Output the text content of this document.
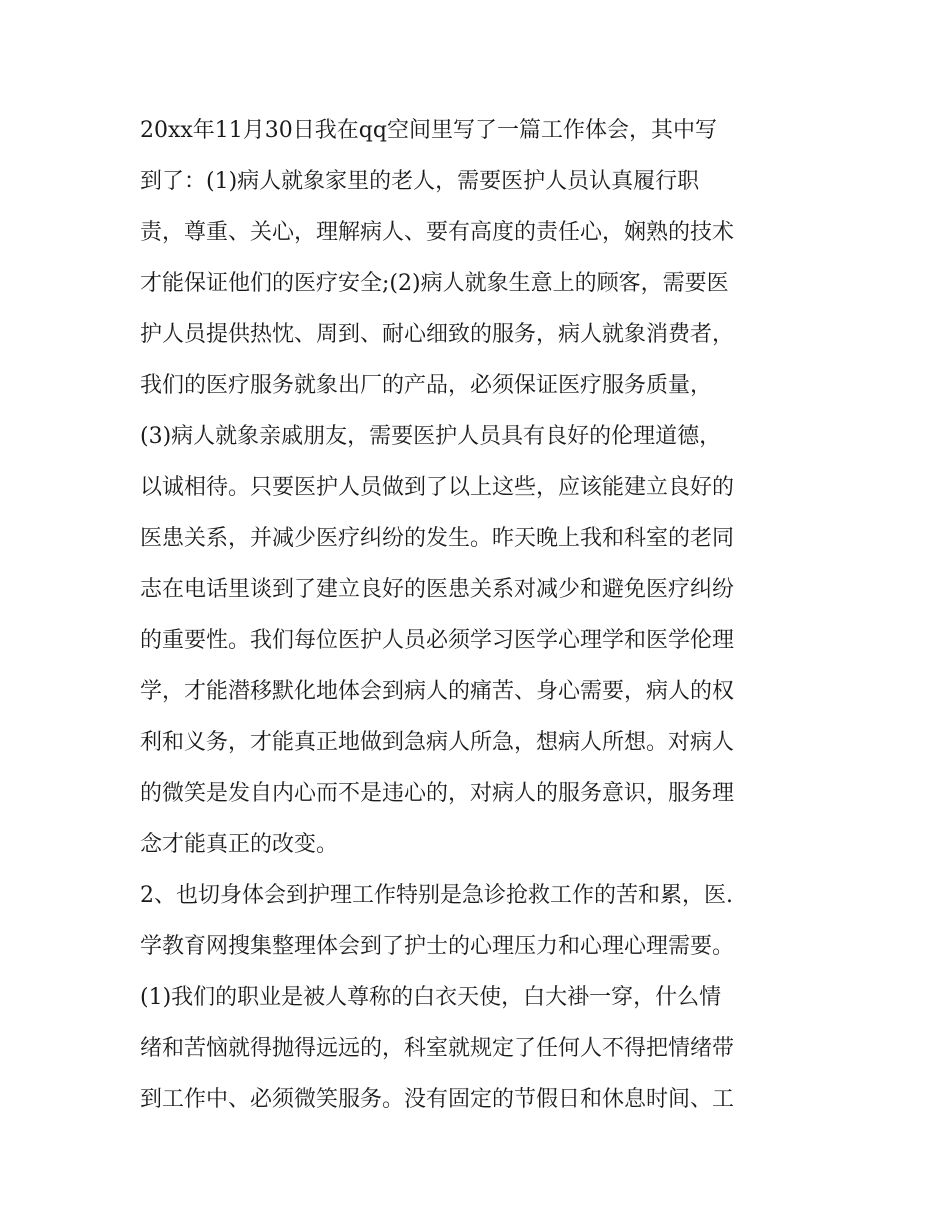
20xx年11月30日我在qq空间里写了一篇工作体会，其中写
到了：(1)病人就象家里的老人，需要医护人员认真履行职
责，尊重、关心，理解病人、要有高度的责任心，娴熟的技术
才能保证他们的医疗安全;(2)病人就象生意上的顾客，需要医
护人员提供热忱、周到、耐心细致的服务，病人就象消费者，
我们的医疗服务就象出厂的产品，必须保证医疗服务质量，
(3)病人就象亲戚朋友，需要医护人员具有良好的伦理道德，
以诚相待。只要医护人员做到了以上这些，应该能建立良好的
医患关系，并减少医疗纠纷的发生。昨天晚上我和科室的老同
志在电话里谈到了建立良好的医患关系对减少和避免医疗纠纷
的重要性。我们每位医护人员必须学习医学心理学和医学伦理
学，才能潜移默化地体会到病人的痛苦、身心需要，病人的权
利和义务，才能真正地做到急病人所急，想病人所想。对病人
的微笑是发自内心而不是违心的，对病人的服务意识，服务理
念才能真正的改变。
2、也切身体会到护理工作特别是急诊抢救工作的苦和累，医.
学教育网搜集整理体会到了护士的心理压力和心理心理需要。
(1)我们的职业是被人尊称的白衣天使，白大褂一穿，什么情
绪和苦恼就得抛得远远的，科室就规定了任何人不得把情绪带
到工作中、必须微笑服务。没有固定的节假日和休息时间、工
